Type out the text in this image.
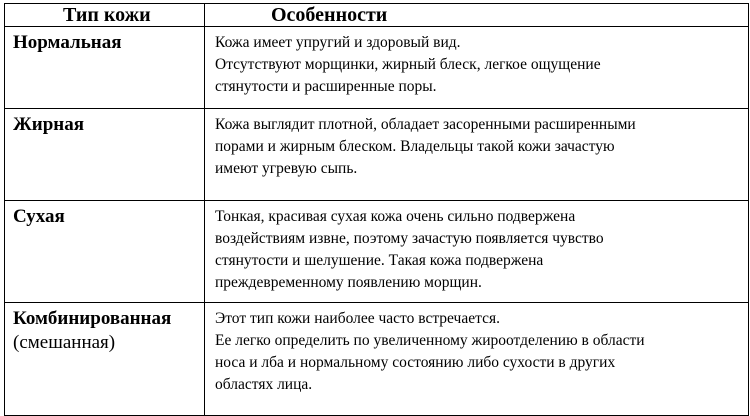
Тип кожи	Особенности

Нормальная	Кожа имеет упругий и здоровый вид.
Отсутствуют морщинки, жирный блеск, легкое ощущение
стянутости и расширенные поры.

Жирная	Кожа выглядит плотной, обладает засоренными расширенными
порами и жирным блеском. Владельцы такой кожи зачастую
имеют угревую сыпь.

Сухая	Тонкая, красивая сухая кожа очень сильно подвержена
воздействиям извне, поэтому зачастую появляется чувство
стянутости и шелушение. Такая кожа подвержена
преждевременному появлению морщин.

Комбинированная
(смешанная)	Этот тип кожи наиболее часто встречается.
Ее легко определить по увеличенному жироотделению в области
носа и лба и нормальному состоянию либо сухости в других
областях лица.
